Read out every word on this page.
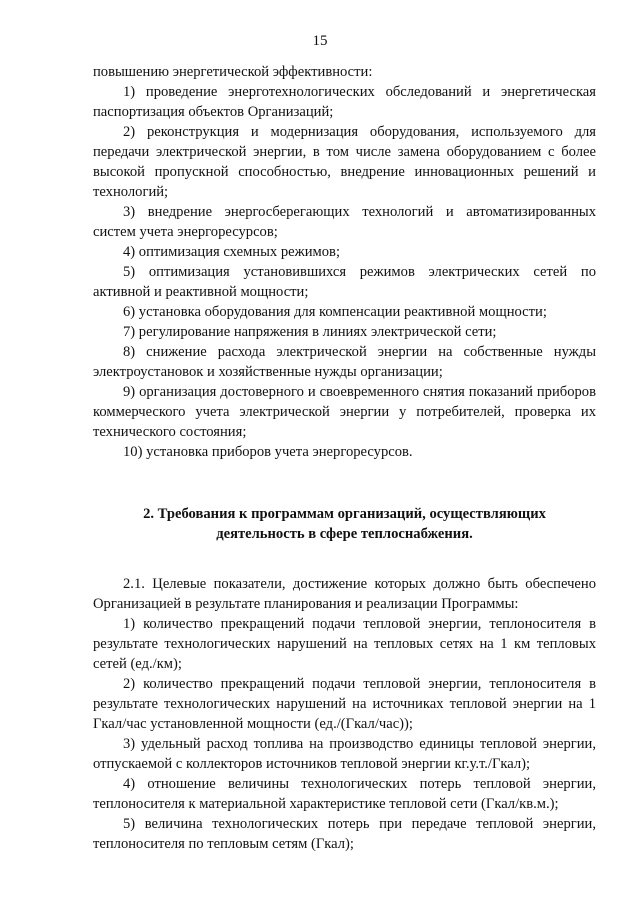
15

повышению энергетической эффективности:

1) проведение энерготехнологических обследований и энергетическая паспортизация объектов Организаций;

2) реконструкция и модернизация оборудования, используемого для передачи электрической энергии, в том числе замена оборудованием с более высокой пропускной способностью, внедрение инновационных решений и технологий;

3) внедрение энергосберегающих технологий и автоматизированных систем учета энергоресурсов;

4) оптимизация схемных режимов;

5) оптимизация установившихся режимов электрических сетей по активной и реактивной мощности;

6) установка оборудования для компенсации реактивной мощности;

7) регулирование напряжения в линиях электрической сети;

8) снижение расхода электрической энергии на собственные нужды электроустановок и хозяйственные нужды организации;

9) организация достоверного и своевременного снятия показаний приборов коммерческого учета электрической энергии у потребителей, проверка их технического состояния;

10) установка приборов учета энергоресурсов.

2. Требования к программам организаций, осуществляющих
деятельность в сфере теплоснабжения.

2.1. Целевые показатели, достижение которых должно быть обеспечено Организацией в результате планирования и реализации Программы:

1) количество прекращений подачи тепловой энергии, теплоносителя в результате технологических нарушений на тепловых сетях на 1 км тепловых сетей (ед./км);

2) количество прекращений подачи тепловой энергии, теплоносителя в результате технологических нарушений на источниках тепловой энергии на 1 Гкал/час установленной мощности (ед./(Гкал/час));

3) удельный расход топлива на производство единицы тепловой энергии, отпускаемой с коллекторов источников тепловой энергии кг.у.т./Гкал);

4) отношение величины технологических потерь тепловой энергии, теплоносителя к материальной характеристике тепловой сети (Гкал/кв.м.);

5) величина технологических потерь при передаче тепловой энергии, теплоносителя по тепловым сетям (Гкал);
